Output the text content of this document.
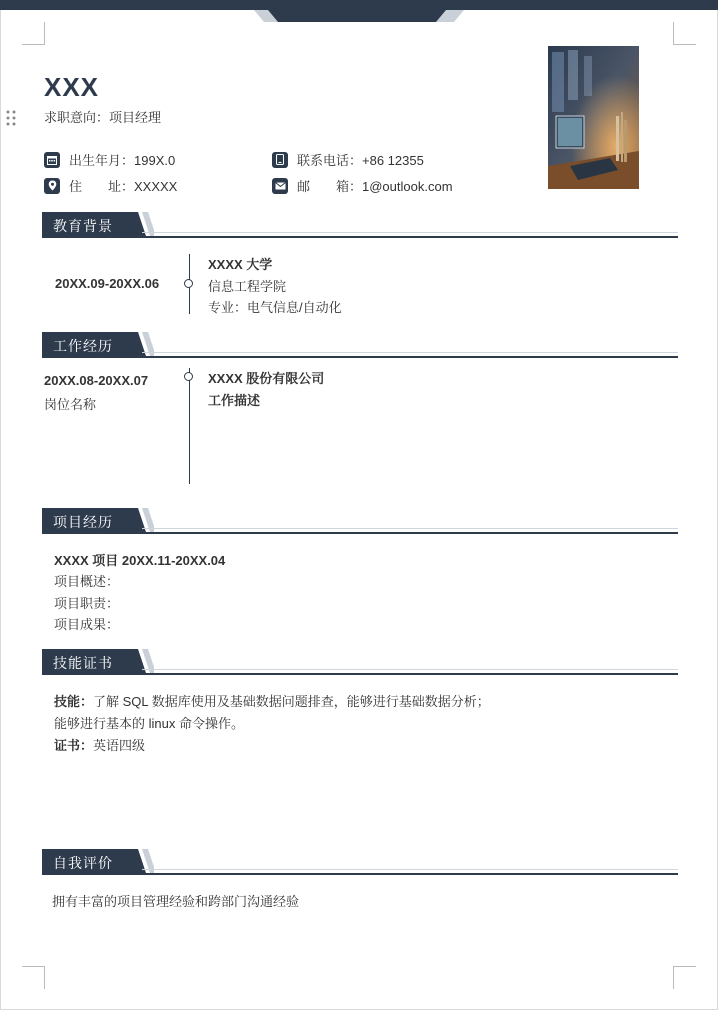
XXX
求职意向：项目经理
出生年月：199X.0	联系电话：+86 12355
住　　址：XXXXX	邮　　箱：1@outlook.com
教育背景
20XX.09-20XX.06
XXXX 大学
信息工程学院
专业：电气信息/自动化
工作经历
20XX.08-20XX.07
岗位名称
XXXX 股份有限公司
工作描述
项目经历
XXXX 项目 20XX.11-20XX.04
项目概述：
项目职责：
项目成果：
技能证书
技能：了解 SQL 数据库使用及基础数据问题排查，能够进行基础数据分析；
能够进行基本的 linux 命令操作。
证书：英语四级
自我评价
拥有丰富的项目管理经验和跨部门沟通经验
